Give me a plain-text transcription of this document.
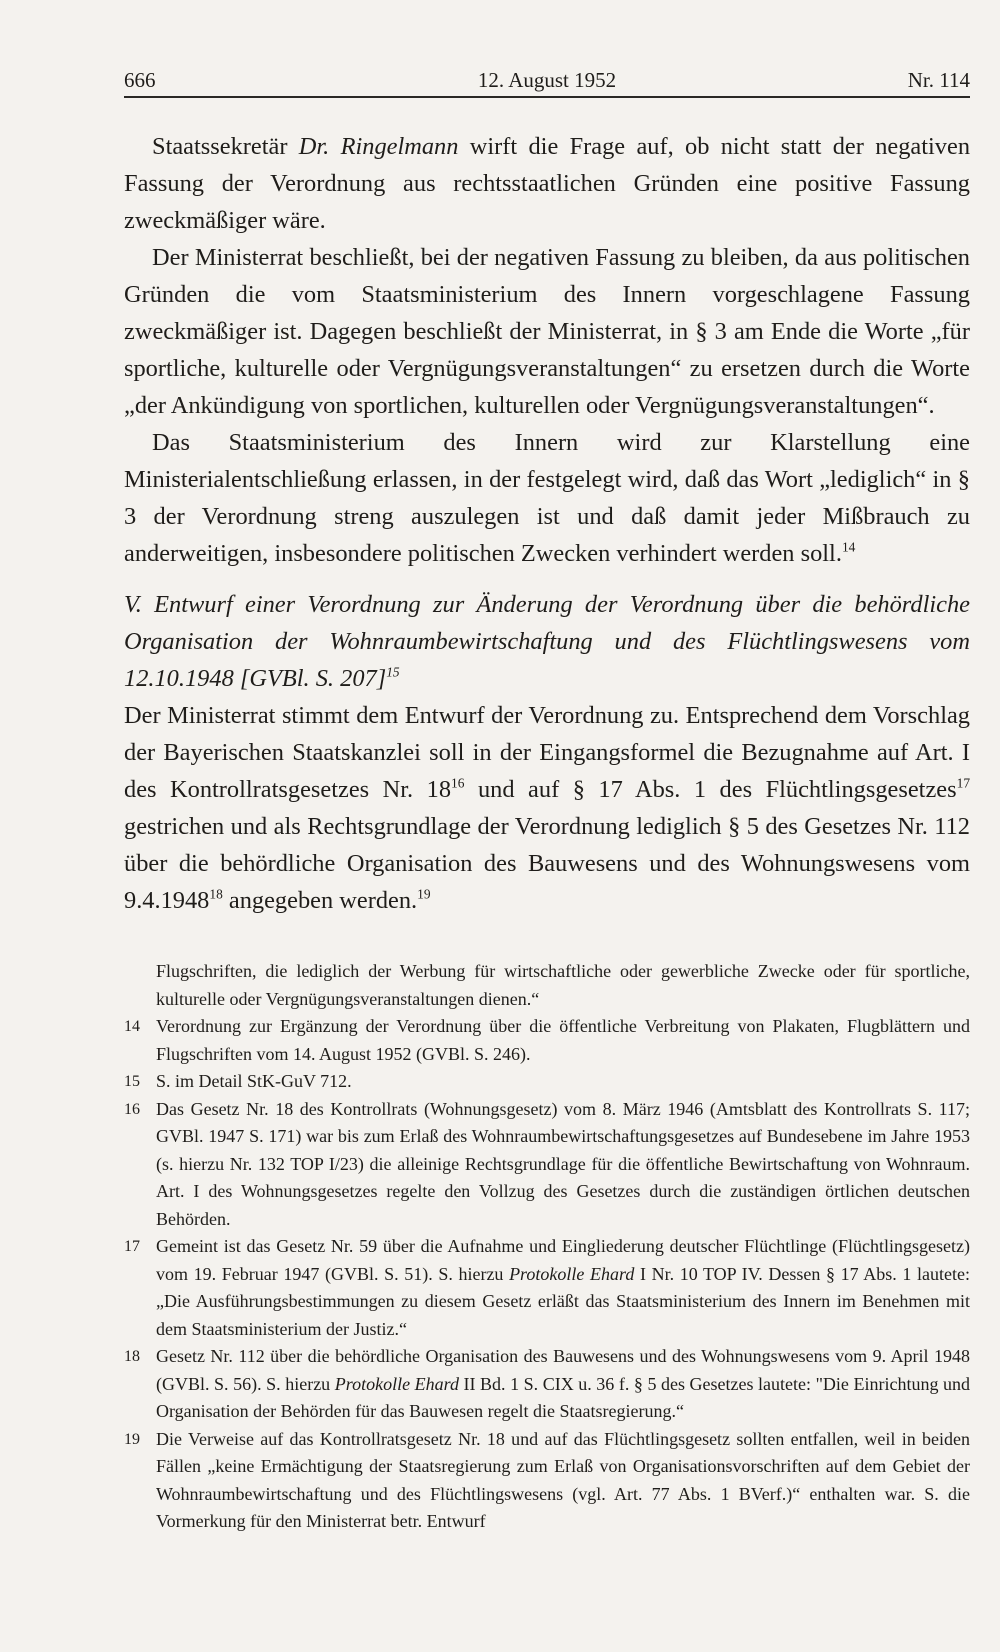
666	12. August 1952	Nr. 114

Staatssekretär Dr. Ringelmann wirft die Frage auf, ob nicht statt der negativen Fassung der Verordnung aus rechtsstaatlichen Gründen eine positive Fassung zweckmäßiger wäre.

Der Ministerrat beschließt, bei der negativen Fassung zu bleiben, da aus politischen Gründen die vom Staatsministerium des Innern vorgeschlagene Fassung zweckmäßiger ist. Dagegen beschließt der Ministerrat, in § 3 am Ende die Worte „für sportliche, kulturelle oder Vergnügungsveranstaltungen“ zu ersetzen durch die Worte „der Ankündigung von sportlichen, kulturellen oder Vergnügungsveranstaltungen“.

Das Staatsministerium des Innern wird zur Klarstellung eine Ministerialentschließung erlassen, in der festgelegt wird, daß das Wort „lediglich“ in § 3 der Verordnung streng auszulegen ist und daß damit jeder Mißbrauch zu anderweitigen, insbesondere politischen Zwecken verhindert werden soll.$^{14}$

V. Entwurf einer Verordnung zur Änderung der Verordnung über die behördliche Organisation der Wohnraumbewirtschaftung und des Flüchtlingswesens vom 12.10.1948 [GVBl. S. 207]$^{15}$

Der Ministerrat stimmt dem Entwurf der Verordnung zu. Entsprechend dem Vorschlag der Bayerischen Staatskanzlei soll in der Eingangsformel die Bezugnahme auf Art. I des Kontrollratsgesetzes Nr. $18^{16}$ und auf § 17 Abs. 1 des Flüchtlingsgesetzes$^{17}$ gestrichen und als Rechtsgrundlage der Verordnung lediglich § 5 des Gesetzes Nr. 112 über die behördliche Organisation des Bauwesens und des Wohnungswesens vom 9.4.1948$^{18}$ angegeben werden.$^{19}$

Flugschriften, die lediglich der Werbung für wirtschaftliche oder gewerbliche Zwecke oder für sportliche, kulturelle oder Vergnügungsveranstaltungen dienen.“

14 Verordnung zur Ergänzung der Verordnung über die öffentliche Verbreitung von Plakaten, Flugblättern und Flugschriften vom 14. August 1952 (GVBl. S. 246).

15 S. im Detail StK-GuV 712.

16 Das Gesetz Nr. 18 des Kontrollrats (Wohnungsgesetz) vom 8. März 1946 (Amtsblatt des Kontrollrats S. 117; GVBl. 1947 S. 171) war bis zum Erlaß des Wohnraumbewirtschaftungsgesetzes auf Bundesebene im Jahre 1953 (s. hierzu Nr. 132 TOP I/23) die alleinige Rechtsgrundlage für die öffentliche Bewirtschaftung von Wohnraum. Art. I des Wohnungsgesetzes regelte den Vollzug des Gesetzes durch die zuständigen örtlichen deutschen Behörden.

17 Gemeint ist das Gesetz Nr. 59 über die Aufnahme und Eingliederung deutscher Flüchtlinge (Flüchtlingsgesetz) vom 19. Februar 1947 (GVBl. S. 51). S. hierzu Protokolle Ehard I Nr. 10 TOP IV. Dessen § 17 Abs. 1 lautete: „Die Ausführungsbestimmungen zu diesem Gesetz erläßt das Staatsministerium des Innern im Benehmen mit dem Staatsministerium der Justiz.“

18 Gesetz Nr. 112 über die behördliche Organisation des Bauwesens und des Wohnungswesens vom 9. April 1948 (GVBl. S. 56). S. hierzu Protokolle Ehard II Bd. 1 S. CIX u. 36 f. § 5 des Gesetzes lautete: "Die Einrichtung und Organisation der Behörden für das Bauwesen regelt die Staatsregierung.“

19 Die Verweise auf das Kontrollratsgesetz Nr. 18 und auf das Flüchtlingsgesetz sollten entfallen, weil in beiden Fällen „keine Ermächtigung der Staatsregierung zum Erlaß von Organisationsvorschriften auf dem Gebiet der Wohnraumbewirtschaftung und des Flüchtlingswesens (vgl. Art. 77 Abs. 1 BVerf.)“ enthalten war. S. die Vormerkung für den Ministerrat betr. Entwurf
